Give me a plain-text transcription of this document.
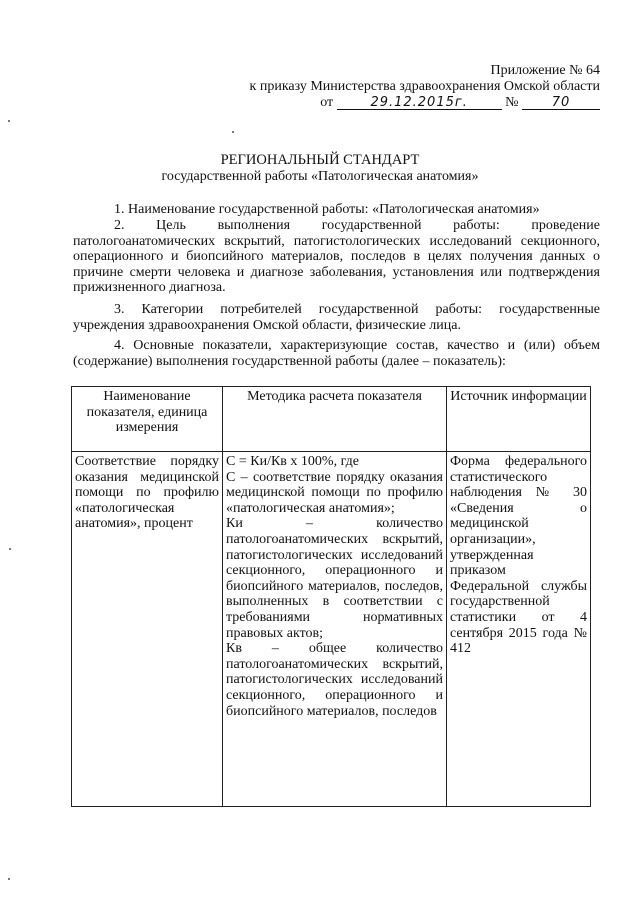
Приложение № 64
к приказу Министерства здравоохранения Омской области
от	29.12.2015г.	№	70
РЕГИОНАЛЬНЫЙ СТАНДАРТ
государственной работы «Патологическая анатомия»
1. Наименование государственной работы: «Патологическая анатомия»
2. Цель выполнения государственной работы: проведение патологоанатомических вскрытий, патогистологических исследований секционного, операционного и биопсийного материалов, последов в целях получения данных о причине смерти человека и диагнозе заболевания, установления или подтверждения прижизненного диагноза.
3. Категории потребителей государственной работы: государственные учреждения здравоохранения Омской области, физические лица.
4. Основные показатели, характеризующие состав, качество и (или) объем (содержание) выполнения государственной работы (далее – показатель):
Наименование показателя, единица измерения	Методика расчета показателя	Источник информации
Соответствие порядку оказания медицинской помощи по профилю «патологическая анатомия», процент	С = Ки/Кв х 100%, где
С – соответствие порядку оказания медицинской помощи по профилю «патологическая анатомия»;
Ки – количество патологоанатомических вскрытий, патогистологических исследований секционного, операционного и биопсийного материалов, последов, выполненных в соответствии с требованиями нормативных правовых актов;
Кв – общее количество патологоанатомических вскрытий, патогистологических исследований секционного, операционного и биопсийного материалов, последов	Форма федерального статистического наблюдения № 30 «Сведения о медицинской организации», утвержденная приказом Федеральной службы государственной статистики от 4 сентября 2015 года № 412
